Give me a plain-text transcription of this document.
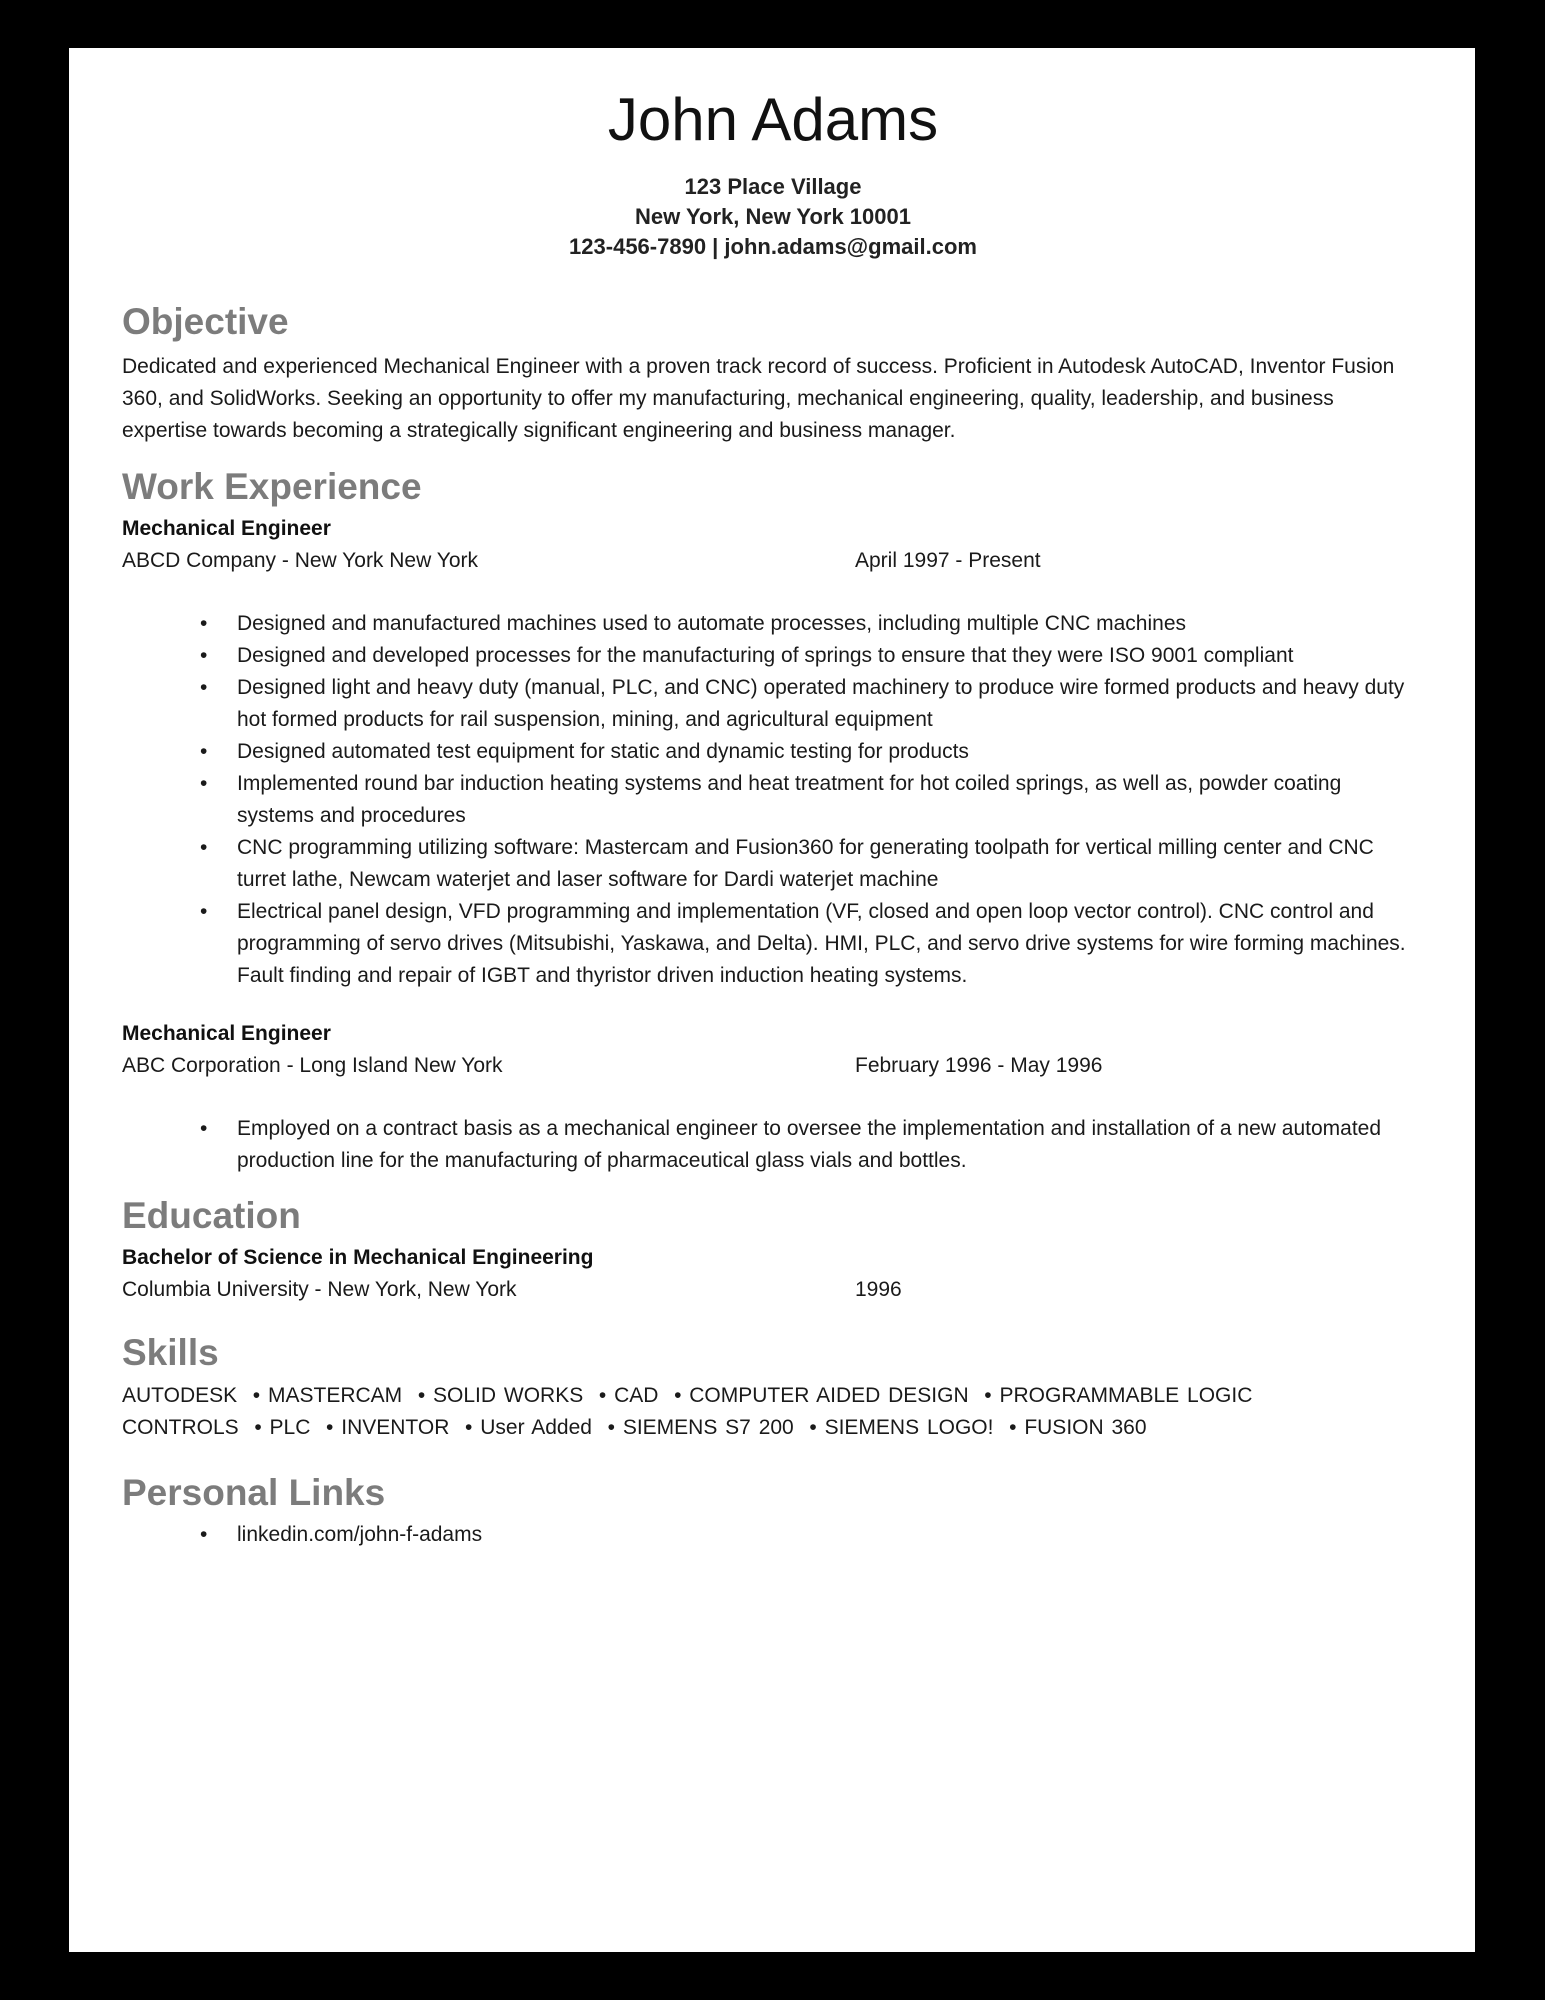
John Adams
123 Place Village
New York, New York 10001
123-456-7890 | john.adams@gmail.com
Objective

Dedicated and experienced Mechanical Engineer with a proven track record of success. Proficient in Autodesk AutoCAD, Inventor Fusion 360, and SolidWorks. Seeking an opportunity to offer my manufacturing, mechanical engineering, quality, leadership, and business expertise towards becoming a strategically significant engineering and business manager.

Work Experience
Mechanical Engineer
ABCD Company - New York New York	April 1997 - Present
• Designed and manufactured machines used to automate processes, including multiple CNC machines
• Designed and developed processes for the manufacturing of springs to ensure that they were ISO 9001 compliant
• Designed light and heavy duty (manual, PLC, and CNC) operated machinery to produce wire formed products and heavy duty hot formed products for rail suspension, mining, and agricultural equipment
• Designed automated test equipment for static and dynamic testing for products
• Implemented round bar induction heating systems and heat treatment for hot coiled springs, as well as, powder coating systems and procedures
• CNC programming utilizing software: Mastercam and Fusion360 for generating toolpath for vertical milling center and CNC turret lathe, Newcam waterjet and laser software for Dardi waterjet machine
• Electrical panel design, VFD programming and implementation (VF, closed and open loop vector control). CNC control and programming of servo drives (Mitsubishi, Yaskawa, and Delta). HMI, PLC, and servo drive systems for wire forming machines. Fault finding and repair of IGBT and thyristor driven induction heating systems.
Mechanical Engineer
ABC Corporation - Long Island New York	February 1996 - May 1996
• Employed on a contract basis as a mechanical engineer to oversee the implementation and installation of a new automated production line for the manufacturing of pharmaceutical glass vials and bottles.
Education
Bachelor of Science in Mechanical Engineering
Columbia University - New York, New York	1996
Skills

AUTODESK  • MASTERCAM  • SOLID WORKS  • CAD  • COMPUTER AIDED DESIGN  • PROGRAMMABLE LOGIC CONTROLS  • PLC  • INVENTOR  • User Added  • SIEMENS S7 200  • SIEMENS LOGO!  • FUSION 360

Personal Links
• linkedin.com/john-f-adams
